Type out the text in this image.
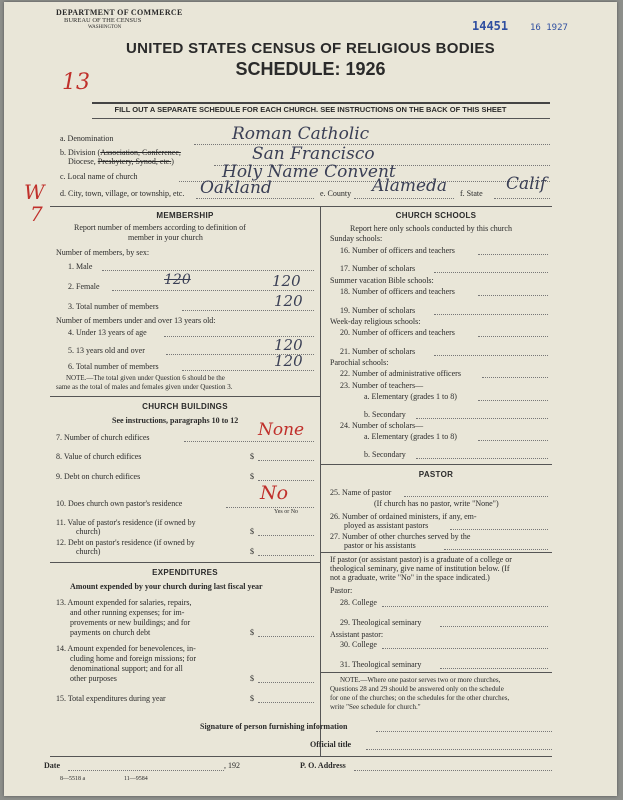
DEPARTMENT OF COMMERCE
BUREAU OF THE CENSUS
WASHINGTON	14451 16 1927
UNITED STATES CENSUS OF RELIGIOUS BODIES
SCHEDULE: 1926
13
W
7
FILL OUT A SEPARATE SCHEDULE FOR EACH CHURCH. SEE INSTRUCTIONS ON THE BACK OF THIS SHEET
a. Denomination	Roman Catholic
b. Division (Association, Conference,
Diocese, Presbytery, Synod, etc.)	San Francisco
c. Local name of church	Holy Name Convent
d. City, town, village, or township, etc. Oakland	e. County Alameda f. State Calif
MEMBERSHIP
Report number of members according to definition of
member in your church
Number of members, by sex:
1. Male
2. Female	120	120
3. Total number of members	120
Number of members under and over 13 years old:
4. Under 13 years of age
5. 13 years old and over	120
6. Total number of members	120
NOTE.—The total given under Question 6 should be the
same as the total of males and females given under Question 3.
CHURCH BUILDINGS
See instructions, paragraphs 10 to 12
7. Number of church edifices	None
8. Value of church edifices	$
9. Debt on church edifices	$
10. Does church own pastor's residence	No
Yes or No
11. Value of pastor's residence (if owned by
church)	$
12. Debt on pastor's residence (if owned by
church)	$
EXPENDITURES
Amount expended by your church during last fiscal year
13. Amount expended for salaries, repairs,
and other running expenses; for im-
provements or new buildings; and for
payments on church debt	$
14. Amount expended for benevolences, in-
cluding home and foreign missions; for
denominational support; and for all
other purposes	$
15. Total expenditures during year	$
CHURCH SCHOOLS
Report here only schools conducted by this church
Sunday schools:
16. Number of officers and teachers
17. Number of scholars
Summer vacation Bible schools:
18. Number of officers and teachers
19. Number of scholars
Week-day religious schools:
20. Number of officers and teachers
21. Number of scholars
Parochial schools:
22. Number of administrative officers
23. Number of teachers—
a. Elementary (grades 1 to 8)
b. Secondary
24. Number of scholars—
a. Elementary (grades 1 to 8)
b. Secondary
PASTOR
25. Name of pastor
(If church has no pastor, write "None")
26. Number of ordained ministers, if any, em-
ployed as assistant pastors
27. Number of other churches served by the
pastor or his assistants
If pastor (or assistant pastor) is a graduate of a college or
theological seminary, give name of institution below. (If
not a graduate, write "No" in the space indicated.)
Pastor:
28. College
29. Theological seminary
Assistant pastor:
30. College
31. Theological seminary
NOTE.—Where one pastor serves two or more churches,
Questions 28 and 29 should be answered only on the schedule
for one of the churches; on the schedules for the other churches,
write "See schedule for church."
Signature of person furnishing information
Official title
Date	, 192	P. O. Address
8—5518 a	11—9584
